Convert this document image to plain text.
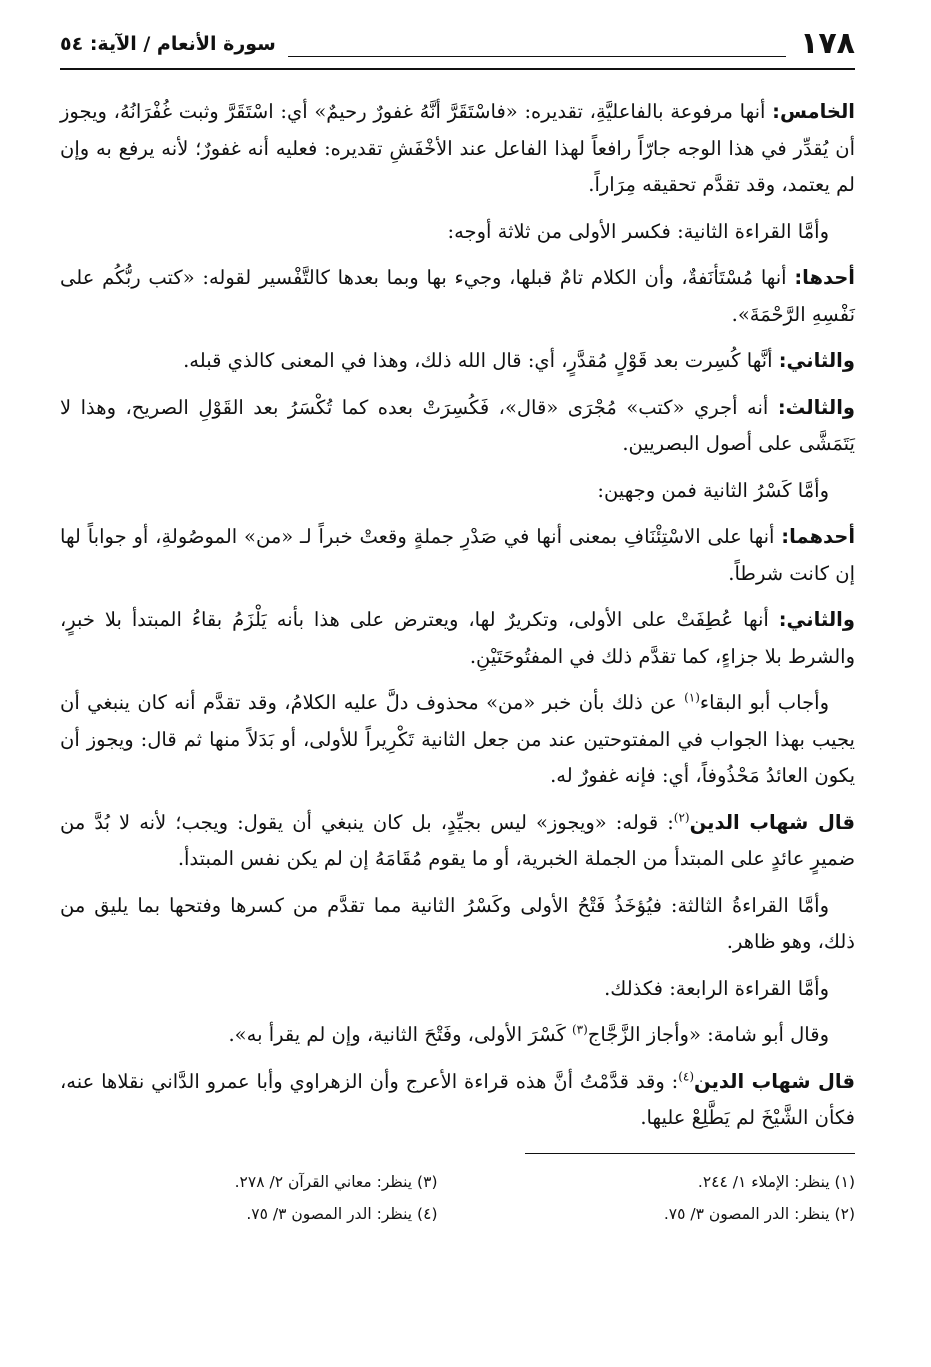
١٧٨
سورة الأنعام / الآية: ٥٤

الخامس: أنها مرفوعة بالفاعليَّةِ، تقديره: «فاسْتَقَرَّ أنَّهُ غفورٌ رحيمٌ» أي: اسْتَقَرَّ وثبت غُفْرَانُهُ، ويجوز أن يُقدِّر في هذا الوجه جارّاً رافعاً لهذا الفاعل عند الأخْفَشِ تقديره: فعليه أنه غفورٌ؛ لأنه يرفع به وإن لم يعتمد، وقد تقدَّم تحقيقه مِرَاراً.

وأمَّا القراءة الثانية: فكسر الأولى من ثلاثة أوجه:

أحدها: أنها مُسْتَأنَفةٌ، وأن الكلام تامٌ قبلها، وجيء بها وبما بعدها كالتَّفْسير لقوله: «كتب ربُّكُم على نَفْسِهِ الرَّحْمَةَ».

والثاني: أنَّها كُسِرت بعد قَوْلٍ مُقدَّرٍ، أي: قال الله ذلك، وهذا في المعنى كالذي قبله.

والثالث: أنه أجري «كتب» مُجْرَى «قال»، فَكُسِرَتْ بعده كما تُكْسَرُ بعد القَوْلِ الصريح، وهذا لا يَتَمَشَّى على أصول البصريين.

وأمَّا كَسْرُ الثانية فمن وجهين:

أحدهما: أنها على الاسْتِئْنَافِ بمعنى أنها في صَدْرِ جملةٍ وقعتْ خبراً لـ «من» الموصُولةِ، أو جواباً لها إن كانت شرطاً.

والثاني: أنها عُطِفَتْ على الأولى، وتكريرٌ لها، ويعترض على هذا بأنه يَلْزَمُ بقاءُ المبتدأ بلا خبرٍ، والشرط بلا جزاءٍ، كما تقدَّم ذلك في المفتُوحَتَيْنِ.

وأجاب أبو البقاء$^{(١)}$ عن ذلك بأن خبر «من» محذوف دلَّ عليه الكلامُ، وقد تقدَّم أنه كان ينبغي أن يجيب بهذا الجواب في المفتوحتين عند من جعل الثانية تَكْرِيراً للأولى، أو بَدَلاً منها ثم قال: ويجوز أن يكون العائدُ مَحْذُوفاً، أي: فإنه غفورٌ له.

قال شهاب الدين$^{(٢)}$: قوله: «ويجوز» ليس بجيِّدٍ، بل كان ينبغي أن يقول: ويجب؛ لأنه لا بُدَّ من ضميرٍ عائدٍ على المبتدأ من الجملة الخبرية، أو ما يقوم مُقَامَهُ إن لم يكن نفس المبتدأ.

وأمَّا القراءةُ الثالثة: فيُؤخَذُ فَتْحُ الأولى وكَسْرُ الثانية مما تقدَّم من كسرها وفتحها بما يليق من ذلك، وهو ظاهر.

وأمَّا القراءة الرابعة: فكذلك.

وقال أبو شامة: «وأجاز الزَّجَّاج$^{(٣)}$ كَسْرَ الأولى، وفَتْحَ الثانية، وإن لم يقرأ به».

قال شهاب الدين$^{(٤)}$: وقد قدَّمْتُ أنَّ هذه قراءة الأعرج وأن الزهراوي وأبا عمرو الدَّاني نقلاها عنه، فكأن الشَّيْخَ لم يَطَّلِعْ عليها.

(١) ينظر: الإملاء ١/ ٢٤٤.
(٣) ينظر: معاني القرآن ٢/ ٢٧٨.
(٢) ينظر: الدر المصون ٣/ ٧٥.
(٤) ينظر: الدر المصون ٣/ ٧٥.
